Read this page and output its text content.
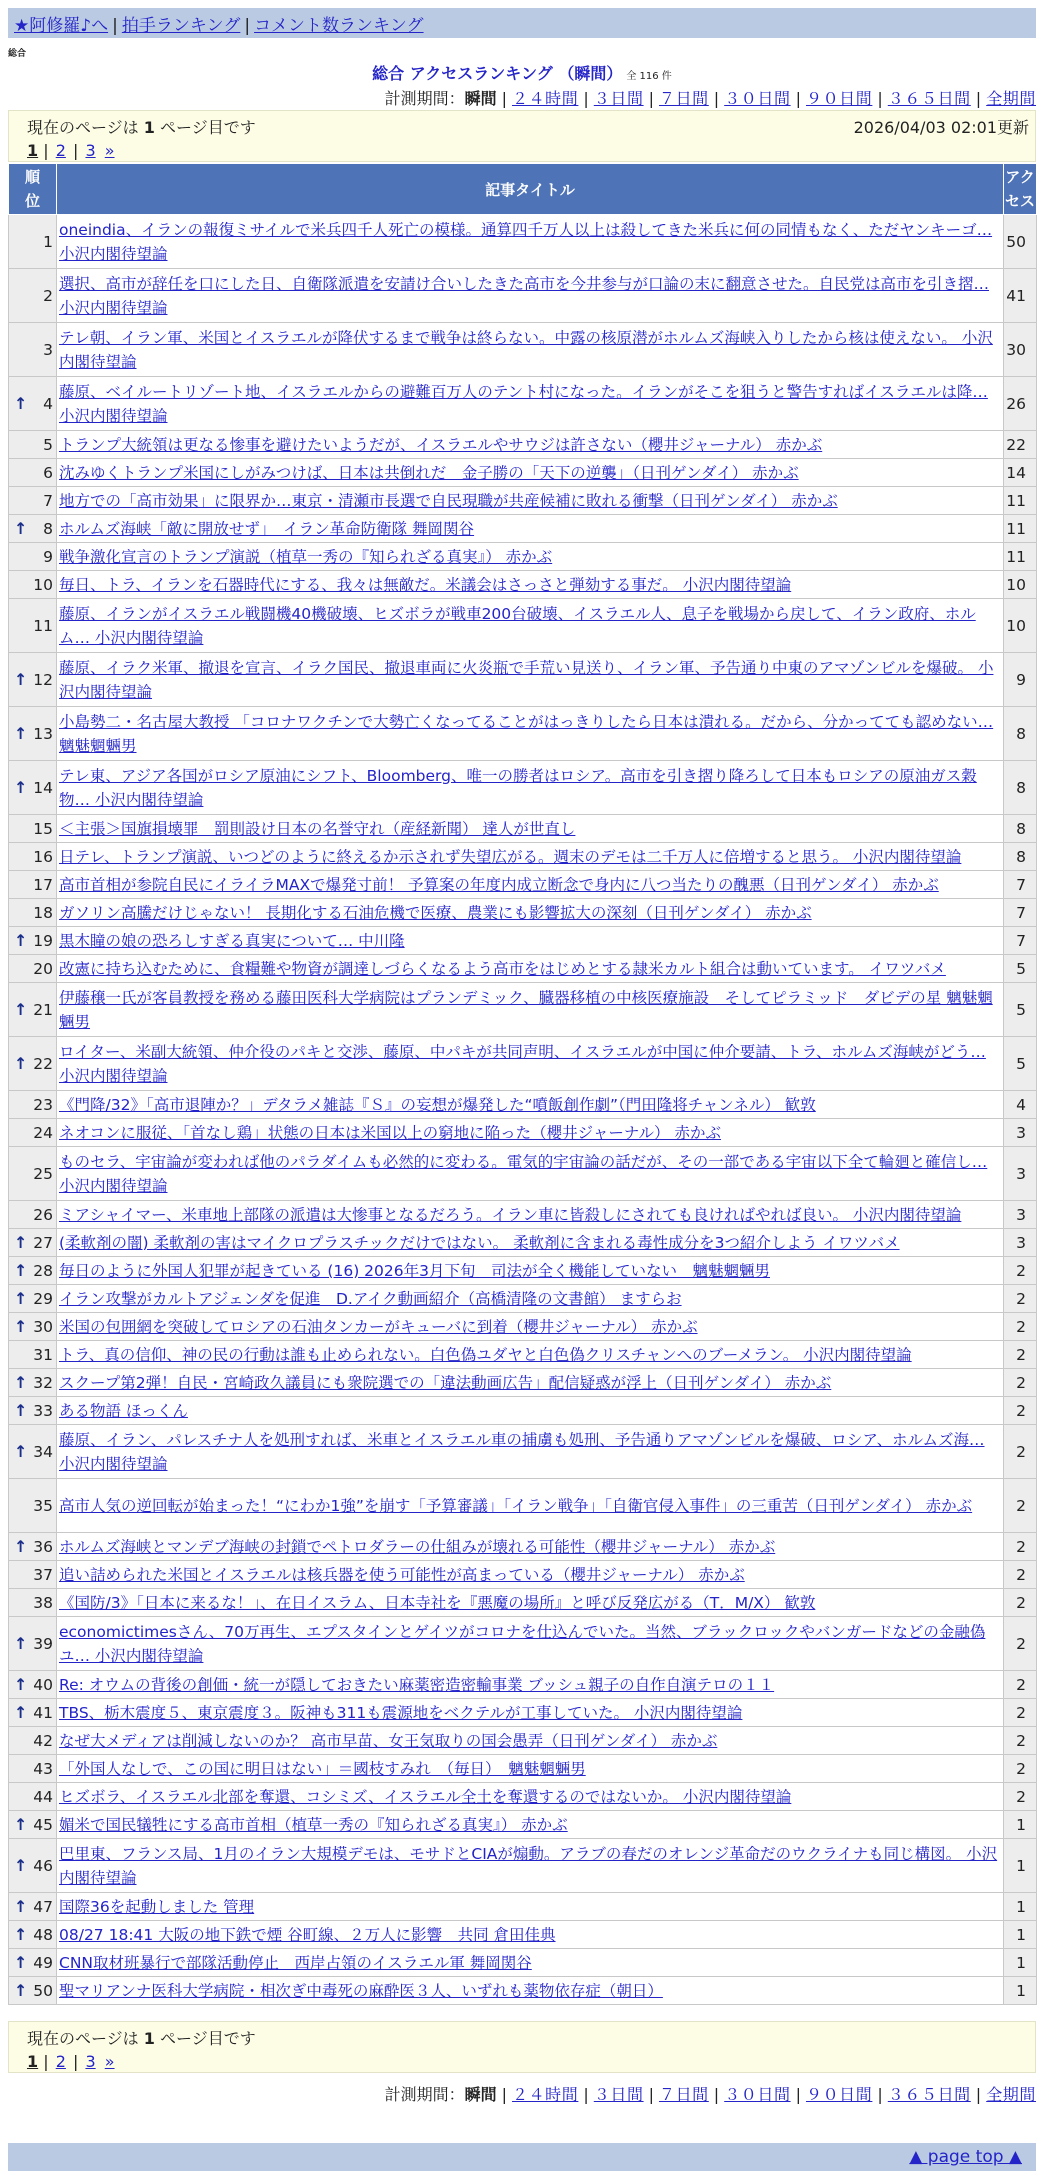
★阿修羅♪へ | 拍手ランキング | コメント数ランキング
総合
総合 アクセスランキング （瞬間） 全 116 件
計測期間：瞬間 | ２４時間 | ３日間 | ７日間 | ３０日間 | ９０日間 | ３６５日間 | 全期間
現在のページは 1 ページ目です	2026/04/03 02:01更新
1 | 2 | 3 »
順位	記事タイトル	アクセス
1	oneindia、イランの報復ミサイルで米兵四千人死亡の模様。通算四千万人以上は殺してきた米兵に何の同情もなく、ただヤンキーゴ… 小沢内閣待望論	50
2	選択、高市が辞任を口にした日、自衛隊派遣を安請け合いしたきた高市を今井参与が口論の末に翻意させた。自民党は高市を引き摺… 小沢内閣待望論	41
3	テレ朝、イラン軍、米国とイスラエルが降伏するまで戦争は終らない。中露の核原潜がホルムズ海峡入りしたから核は使えない。 小沢内閣待望論	30

↑ 4	藤原、ベイルートリゾート地、イスラエルからの避難百万人のテント村になった。イランがそこを狙うと警告すればイスラエルは降… 小沢内閣待望論	26
5	トランプ大統領は更なる惨事を避けたいようだが、イスラエルやサウジは許さない（櫻井ジャーナル） 赤かぶ	22
6	沈みゆくトランプ米国にしがみつけば、日本は共倒れだ　金子勝の「天下の逆襲」（日刊ゲンダイ） 赤かぶ	14
7	地方での「高市効果」に限界か…東京・清瀬市長選で自民現職が共産候補に敗れる衝撃（日刊ゲンダイ） 赤かぶ	11

↑ 8	ホルムズ海峡「敵に開放せず」　イラン革命防衛隊 舞岡関谷	11
9	戦争激化宣言のトランプ演説（植草一秀の『知られざる真実』） 赤かぶ	11
10	毎日、トラ、イランを石器時代にする、我々は無敵だ。米議会はさっさと弾劾する事だ。 小沢内閣待望論	10
11	藤原、イランがイスラエル戦闘機40機破壊、ヒズボラが戦車200台破壊、イスラエル人、息子を戦場から戻して、イラン政府、ホルム… 小沢内閣待望論	10

↑ 12	藤原、イラク米軍、撤退を宣言、イラク国民、撤退車両に火炎瓶で手荒い見送り、イラン軍、予告通り中東のアマゾンビルを爆破。 小沢内閣待望論	9

↑ 13	小島勢二・名古屋大教授 「コロナワクチンで大勢亡くなってることがはっきりしたら日本は潰れる。だから、分かってても認めない… 魑魅魍魎男	8

↑ 14	テレ東、アジア各国がロシア原油にシフト、Bloomberg、唯一の勝者はロシア。高市を引き摺り降ろして日本もロシアの原油ガス穀物… 小沢内閣待望論	8
15	＜主張＞国旗損壊罪　罰則設け日本の名誉守れ（産経新聞） 達人が世直し	8
16	日テレ、トランプ演説、いつどのように終えるか示されず失望広がる。週末のデモは二千万人に倍増すると思う。 小沢内閣待望論	8
17	高市首相が参院自民にイライラMAXで爆発寸前！ 予算案の年度内成立断念で身内に八つ当たりの醜悪（日刊ゲンダイ） 赤かぶ	7
18	ガソリン高騰だけじゃない！ 長期化する石油危機で医療、農業にも影響拡大の深刻（日刊ゲンダイ） 赤かぶ	7

↑ 19	黒木瞳の娘の恐ろしすぎる真実について… 中川隆	7
20	改憲に持ち込むために、食糧難や物資が調達しづらくなるよう高市をはじめとする隷米カルト組合は動いています。 イワツバメ	5

↑ 21	伊藤穣一氏が客員教授を務める藤田医科大学病院はプランデミック、臓器移植の中核医療施設　そしてピラミッド　ダビデの星 魑魅魍魎男	5

↑ 22	ロイター、米副大統領、仲介役のパキと交渉、藤原、中パキが共同声明、イスラエルが中国に仲介要請、トラ、ホルムズ海峡がどう… 小沢内閣待望論	5
23	《門降/32》「高市退陣か？」デタラメ雑誌『Ｓ』の妄想が爆発した“噴飯創作劇”（門田隆将チャンネル） 歓敦	4
24	ネオコンに服従、「首なし鶏」状態の日本は米国以上の窮地に陥った（櫻井ジャーナル） 赤かぶ	3
25	ものセラ、宇宙論が変われば他のパラダイムも必然的に変わる。電気的宇宙論の話だが、その一部である宇宙以下全て輪廻と確信し… 小沢内閣待望論	3
26	ミアシャイマー、米車地上部隊の派遣は大惨事となるだろう。イラン車に皆殺しにされても良ければやれば良い。 小沢内閣待望論	3

↑ 27	(柔軟剤の闇) 柔軟剤の害はマイクロプラスチックだけではない。 柔軟剤に含まれる毒性成分を3つ紹介しよう イワツバメ	3

↑ 28	毎日のように外国人犯罪が起きている (16) 2026年3月下旬　司法が全く機能していない　魑魅魍魎男	2

↑ 29	イラン攻撃がカルトアジェンダを促進　D.アイク動画紹介（高橋清隆の文書館） ますらお	2

↑ 30	米国の包囲網を突破してロシアの石油タンカーがキューバに到着（櫻井ジャーナル） 赤かぶ	2
31	トラ、真の信仰、神の民の行動は誰も止められない。白色偽ユダヤと白色偽クリスチャンへのブーメラン。 小沢内閣待望論	2

↑ 32	スクープ第2弾！自民・宮崎政久議員にも衆院選での「違法動画広告」配信疑惑が浮上（日刊ゲンダイ） 赤かぶ	2

↑ 33	ある物語 ほっくん	2

↑ 34	藤原、イラン、パレスチナ人を処刑すれば、米車とイスラエル車の捕虜も処刑、予告通りアマゾンビルを爆破、ロシア、ホルムズ海… 小沢内閣待望論	2
35	高市人気の逆回転が始まった！“にわか1強”を崩す「予算審議」「イラン戦争」「自衛官侵入事件」の三重苦（日刊ゲンダイ） 赤かぶ	2

↑ 36	ホルムズ海峡とマンデブ海峡の封鎖でペトロダラーの仕組みが壊れる可能性（櫻井ジャーナル） 赤かぶ	2
37	追い詰められた米国とイスラエルは核兵器を使う可能性が高まっている（櫻井ジャーナル） 赤かぶ	2
38	《国防/3》「日本に来るな！」、在日イスラム、日本寺社を『悪魔の場所』と呼び反発広がる（T．M/X） 歓敦	2

↑ 39	economictimesさん、70万再生、エプスタインとゲイツがコロナを仕込んでいた。当然、ブラックロックやバンガードなどの金融偽ユ… 小沢内閣待望論	2

↑ 40	Re: オウムの背後の創価・統一が隠しておきたい麻薬密造密輸事業 ブッシュ親子の自作自演テロの１１	2

↑ 41	TBS、栃木震度５、東京震度３。阪神も311も震源地をベクテルが工事していた。 小沢内閣待望論	2
42	なぜ大メディアは削減しないのか？ 高市早苗、女王気取りの国会愚弄（日刊ゲンダイ） 赤かぶ	2
43	「外国人なしで、この国に明日はない」＝國枝すみれ　（毎日）　魑魅魍魎男	2
44	ヒズボラ、イスラエル北部を奪還、コシミズ、イスラエル全土を奪還するのではないか。 小沢内閣待望論	2

↑ 45	媚米で国民犠牲にする高市首相（植草一秀の『知られざる真実』） 赤かぶ	1

↑ 46	巴里東、フランス局、1月のイラン大規模デモは、モサドとCIAが煽動。アラブの春だのオレンジ革命だのウクライナも同じ構図。 小沢内閣待望論	1

↑ 47	国際36を起動しました 管理	1

↑ 48	08/27 18:41 大阪の地下鉄で煙 谷町線、２万人に影響　共同 倉田佳典	1

↑ 49	CNN取材班暴行で部隊活動停止　西岸占領のイスラエル軍 舞岡関谷	1

↑ 50	聖マリアンナ医科大学病院・相次ぎ中毒死の麻酔医３人、いずれも薬物依存症（朝日）	1
現在のページは 1 ページ目です
1 | 2 | 3 »
計測期間：瞬間 | ２４時間 | ３日間 | ７日間 | ３０日間 | ９０日間 | ３６５日間 | 全期間
▲ page top ▲
